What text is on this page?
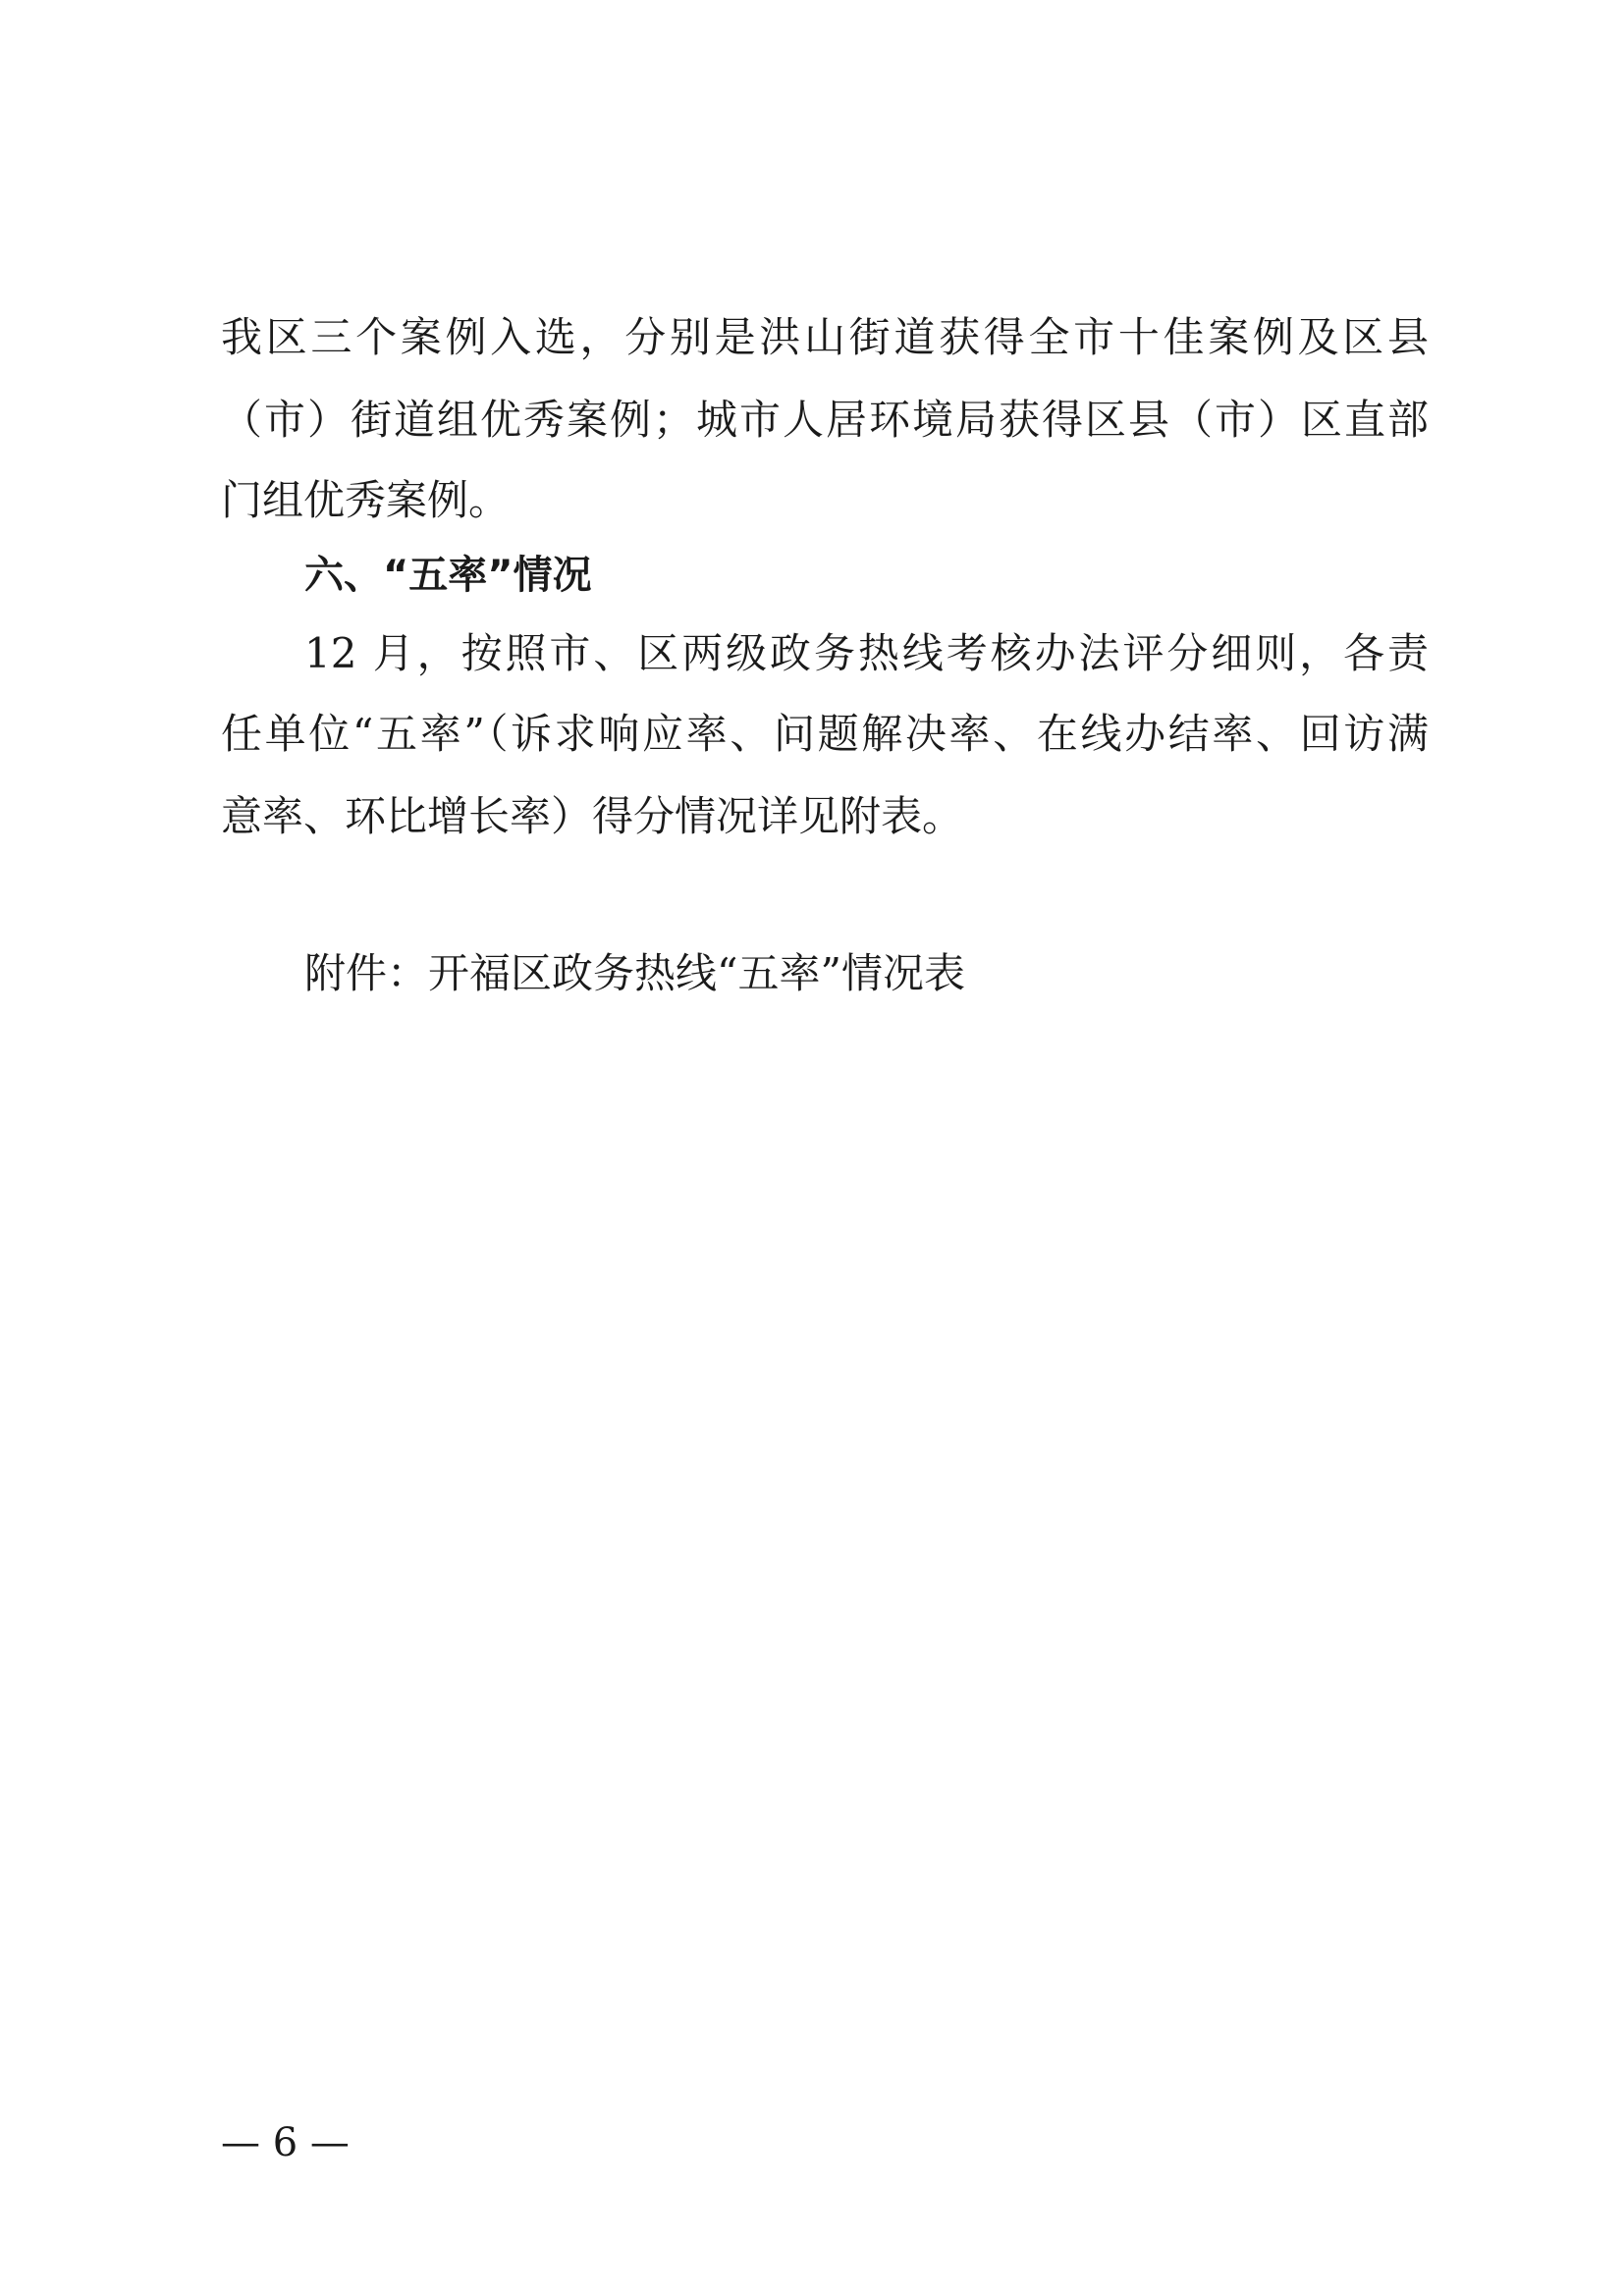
我区三个案例入选，分别是洪山街道获得全市十佳案例及区县
（市）街道组优秀案例；城市人居环境局获得区县（市）区直部
门组优秀案例。
六、“五率”情况
12 月，按照市、区两级政务热线考核办法评分细则，各责
任单位“五率”（诉求响应率、问题解决率、在线办结率、回访满
意率、环比增长率）得分情况详见附表。
附件：开福区政务热线“五率”情况表
— 6 —
